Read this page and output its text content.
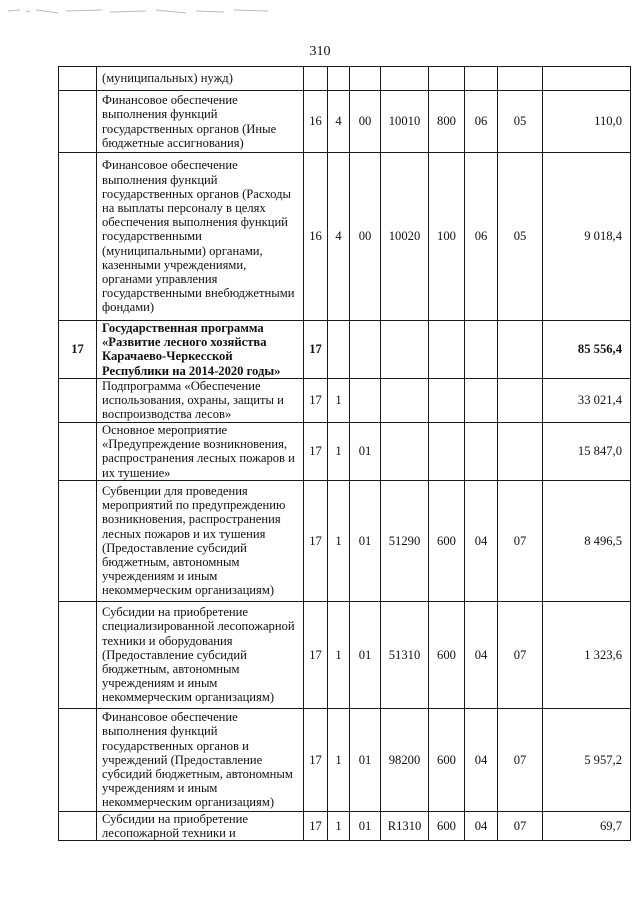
310
	(муниципальных) нужд)								
	Финансовое обеспечение выполнения функций государственных органов (Иные бюджетные ассигнования)	16	4	00	10010	800	06	05	110,0
	Финансовое обеспечение выполнения функций государственных органов (Расходы на выплаты персоналу в целях обеспечения выполнения функций государственными (муниципальными) органами, казенными учреждениями, органами управления государственными внебюджетными фондами)	16	4	00	10020	100	06	05	9 018,4
17	Государственная программа «Развитие лесного хозяйства Карачаево-Черкесской Республики на 2014-2020 годы»	17							85 556,4
	Подпрограмма «Обеспечение использования, охраны, защиты и воспроизводства лесов»	17	1						33 021,4
	Основное мероприятие «Предупреждение возникновения, распространения лесных пожаров и их тушение»	17	1	01					15 847,0
	Субвенции для проведения мероприятий по предупреждению возникновения, распространения лесных пожаров и их тушения (Предоставление субсидий бюджетным, автономным учреждениям и иным некоммерческим организациям)	17	1	01	51290	600	04	07	8 496,5
	Субсидии на приобретение специализированной лесопожарной техники и оборудования (Предоставление субсидий бюджетным, автономным учреждениям и иным некоммерческим организациям)	17	1	01	51310	600	04	07	1 323,6
	Финансовое обеспечение выполнения функций государственных органов и учреждений (Предоставление субсидий бюджетным, автономным учреждениям и иным некоммерческим организациям)	17	1	01	98200	600	04	07	5 957,2
	Субсидии на приобретение лесопожарной техники и	17	1	01	R1310	600	04	07	69,7
